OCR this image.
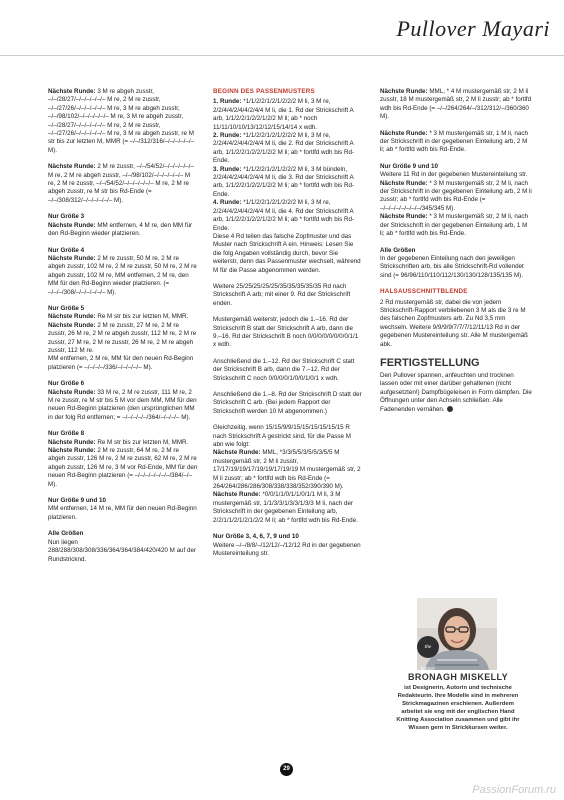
Pullover Mayari

Nächste Runde: 3 M re abgeh zusstr, –/–/28/27/–/–/–/–/–/– M re, 2 M re zusstr, –/–/27/26/–/–/–/–/–/– M re, 3 M re abgeh zusstr, –/–/98/102/–/–/–/–/–/– M re, 3 M re abgeh zusstr, –/–/28/27/–/–/–/–/–/– M re, 2 M re zusstr, –/–/27/26/–/–/–/–/–/– M re, 3 M re abgeh zusstr, re M str bis zur letzten M, MMR (= –/–/312/316/–/–/–/–/–/– M).

Nächste Runde: 2 M re zusstr, –/–/54/52/–/–/–/–/–/– M re, 2 M re abgeh zusstr, –/–/98/102/–/–/–/–/–/– M re, 2 M re zusstr, –/–/54/52/–/–/–/–/–/– M re, 2 M re abgeh zusstr, re M str bis Rd-Ende (= –/–/308/312/–/–/–/–/–/– M).

Nur Größe 3
Nächste Runde: MM entfernen, 4 M re, den MM für den Rd-Beginn wieder platzieren.
Nur Größe 4
Nächste Runde: 2 M re zusstr, 50 M re, 2 M re abgeh zusstr, 102 M re, 2 M re zusstr, 50 M re, 2 M re abgeh zusstr, 102 M re, MM entfernen, 2 M re, den MM für den Rd-Beginn wieder platzieren. (= –/–/–/308/–/–/–/–/–/– M).
Nur Größe 5
Nächste Runde: Re M str bis zur letzten M, MMR.
Nächste Runde: 2 M re zusstr, 27 M re, 2 M re zusstr, 26 M re, 2 M re abgeh zusstr, 112 M re, 2 M re zusstr, 27 M re, 2 M re zusstr, 26 M re, 2 M re abgeh zusstr, 112 M re.
MM entfernen, 2 M re, MM für den neuen Rd-Beginn platzieren (= –/–/–/–/336/–/–/–/–/– M).
Nur Größe 6
Nächste Runde: 33 M re, 2 M re zusstr, 111 M re, 2 M re zusstr, re M str bis 5 M vor dem MM, MM für den neuen Rd-Beginn platzieren (den ursprünglichen MM in der folg Rd entfernen; = –/–/–/–/–/364/–/–/–/– M).
Nur Größe 8
Nächste Runde: Re M str bis zur letzten M, MMR.
Nächste Runde: 2 M re zusstr, 64 M re, 2 M re abgeh zusstr, 126 M re, 2 M re zusstr, 62 M re, 2 M re abgeh zusstr, 126 M re, 3 M vor Rd-Ende, MM für den neuen Rd-Beginn platzieren (= –/–/–/–/–/–/–/384/–/– M).
Nur Größe 9 und 10
MM entfernen, 14 M re, MM für den neuen Rd-Beginn platzieren.
Alle Größen
Nun liegen 288/288/308/308/336/364/364/384/420/420 M auf der Rundstricknd.
BEGINN DES PASSENMUSTERS
1. Runde: *1/1/2/2/1/2/1/2/2/2 M li, 3 M re, 2/2/4/4/2/4/4/2/4/4 M li, die 1. Rd der Strickschrift A arb, 1/1/2/2/1/2/2/1/2/2 M li; ab * noch 11/11/10/10/13/12/12/15/14/14 x wdh.
2. Runde: *1/1/2/2/1/2/1/2/2/2 M li, 3 M re, 2/2/4/4/2/4/4/2/4/4 M li, die 2. Rd der Strickschrift A arb, 1/1/2/2/1/2/2/1/2/2 M li; ab * fortlfd wdh bis Rd-Ende.
3. Runde: *1/1/2/2/1/2/1/2/2/2 M li, 3 M bündeln, 2/2/4/4/2/4/4/2/4/4 M li, die 3. Rd der Strickschrift A arb, 1/1/2/2/1/2/2/1/2/2 M li; ab * fortlfd wdh bis Rd-Ende.
4. Runde: *1/1/2/2/1/2/1/2/2/2 M li, 3 M re, 2/2/4/4/2/4/4/2/4/4 M li, die 4. Rd der Strickschrift A arb, 1/1/2/2/1/2/2/1/2/2 M li; ab * fortlfd wdh bis Rd-Ende.

Diese 4 Rd teilen das falsche Zopfmuster und das Muster nach Strickschrift A ein. Hinweis: Lesen Sie die folg Angaben vollständig durch, bevor Sie weiterstr, denn das Passenmuster wechselt, während M für die Passe abgenommen werden.

Weitere 25/25/25/25/25/35/35/35/35/35 Rd nach Strickschrift A arb; mit einer 9. Rd der Strickschrift enden.

Mustergemäß weiterstr, jedoch die 1.–16. Rd der Strickschrift B statt der Strickschrift A arb, dann die 9.–16. Rd der Strickschrift B noch 0/0/0/0/0/0/0/0/1/1 x wdh.

Anschließend die 1.–12. Rd der Strickschrift C statt der Strickschrift B arb, dann die 7.–12. Rd der Strickschrift C noch 0/0/0/0/1/0/0/1/0/1 x wdh.

Anschließend die 1.–8. Rd der Strickschrift D statt der Strickschrift C arb. (Bei jedem Rapport der Strickschrift werden 10 M abgenommen.)

Gleichzeitig, wenn 15/15/9/9/15/15/15/15/15/15 R nach Strickschrift A gestrickt sind, für die Passe M abn wie folgt:
Nächste Runde: MML, *3/3/5/5/3/5/5/3/5/5 M mustergemäß str, 2 M li zusstr, 17/17/19/19/17/19/19/17/19/19 M mustergemäß str, 2 M li zusstr; ab * fortlfd wdh bis Rd-Ende (= 264/264/286/286/308/338/338/352/390/390 M).
Nächste Runde: *0/0/1/1/0/1/1/0/1/1 M li, 3 M mustergemäß str, 1/1/3/3/1/3/3/1/3/3 M li, nach der Strickschrift in der gegebenen Einteilung arb, 2/2/1/1/2/1/2/1/2/2 M li; ab * fortlfd wdh bis Rd-Ende.
Nur Größe 3, 4, 6, 7, 9 und 10
Weitere –/–/8/8/–/12/12/–/12/12 Rd in der gegebenen Mustereinteilung str.

Nächste Runde: MML, * 4 M mustergemäß str, 2 M li zusstr, 18 M mustergemäß str, 2 M li zusstr; ab * fortlfd wdh bis Rd-Ende (= –/–/264/264/–/312/312/–/360/360 M).

Nächste Runde: * 3 M mustergemäß str, 1 M li, nach der Strickschrift in der gegebenen Einteilung arb, 2 M li; ab * fortlfd wdh bis Rd-Ende.

Nur Größe 9 und 10
Weitere 11 Rd in der gegebenen Mustereinteilung str.
Nächste Runde: * 3 M mustergemäß str, 2 M li, nach der Strickschrift in der gegebenen Einteilung arb, 2 M li zusstr; ab * fortlfd wdh bis Rd-Ende (= –/–/–/–/–/–/–/–/345/345 M).
Nächste Runde: * 3 M mustergemäß str, 2 M li, nach der Strickschrift in der gegebenen Einteilung arb, 1 M li; ab * fortlfd wdh bis Rd-Ende.
Alle Größen
In der gegebenen Einteilung nach den jeweiligen Strickschriften arb, bis alle Strickschrift-Rd vollendet sind (= 96/96/110/110/112/130/130/128/135/135 M).
HALSAUSSCHNITTBLENDE

2 Rd mustergemäß str, dabei die von jedem Strickschrift-Rapport verbliebenen 3 M als die 3 re M des falschen Zopfmusters arb. Zu Nd 3,5 mm wechseln. Weitere 9/9/9/9/7/7/7/12/11/13 Rd in der gegebenen Mustereinteilung str. Alle M mustergemäß abk.

FERTIGSTELLUNG

Den Pullover spannen, anfeuchten und trocknen lassen oder mit einer darüber gehaltenen (nicht aufgesetzten!) Dampfbügeleisen in Form dämpfen. Die Öffnungen unter den Achseln schließen. Alle Fadenenden vernähen.

the knitter
BRONAGH MISKELLY
ist Designerin, Autorin und technische Redakteurin. Ihre Modelle sind in mehreren Strickmagazinen erschienen. Außerdem arbeitet sie eng mit der englischen Hand Knitting Association zusammen und gibt ihr Wissen gern in Strickkursen weiter.
29
PassionForum.ru
